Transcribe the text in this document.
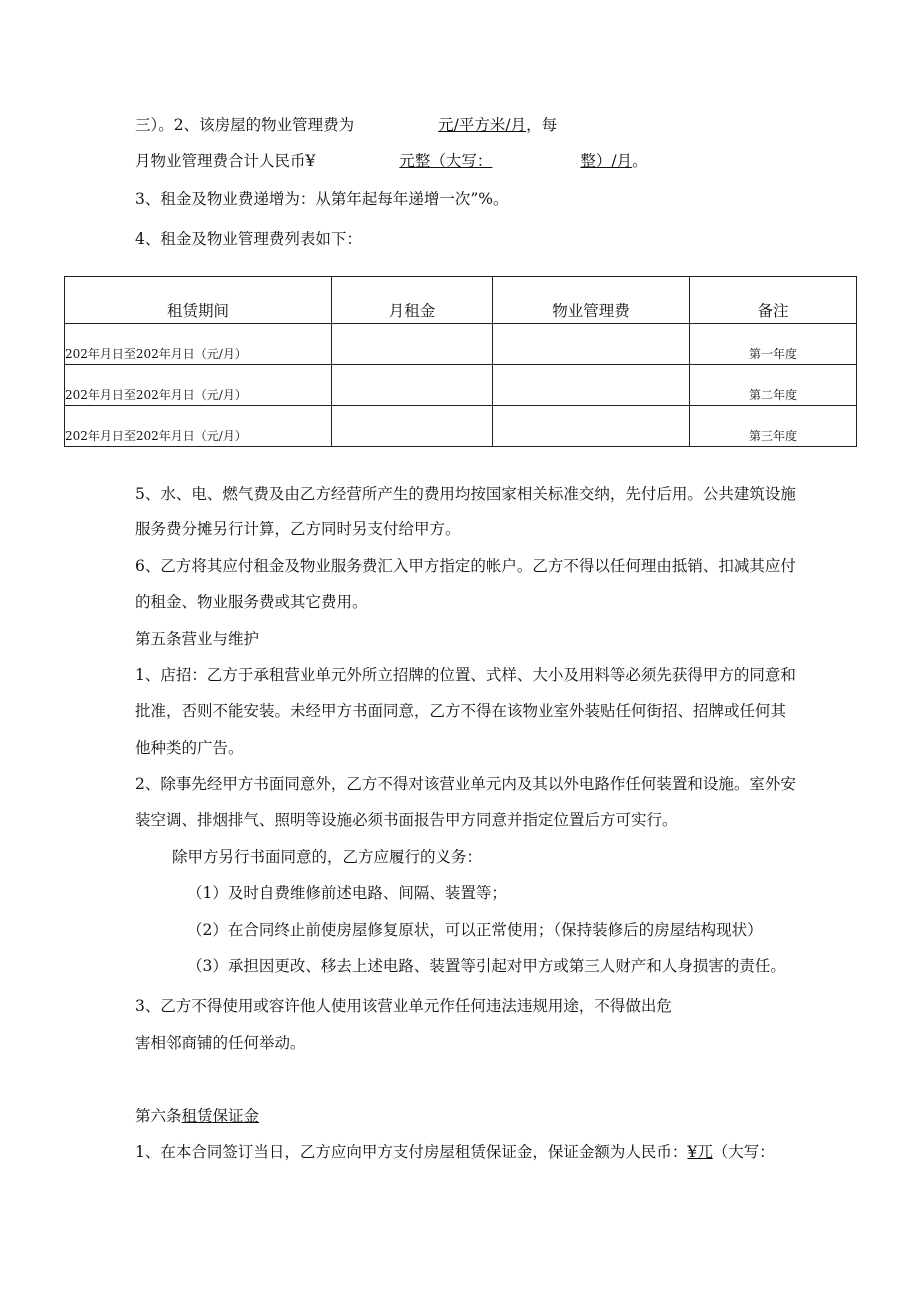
三）。2、该房屋的物业管理费为	元/平方米/月，每
月物业管理费合计人民币¥	元整（大写：	整）/月。
3、租金及物业费递增为：从第年起每年递增一次”%。
4、租金及物业管理费列表如下：
租赁期间	月租金	物业管理费	备注
202年月日至202年月日（元/月）			第一年度
202年月日至202年月日（元/月）			第二年度
202年月日至202年月日（元/月）			第三年度
5、水、电、燃气费及由乙方经营所产生的费用均按国家相关标准交纳，先付后用。公共建筑设施
服务费分摊另行计算，乙方同时另支付给甲方。
6、乙方将其应付租金及物业服务费汇入甲方指定的帐户。乙方不得以任何理由抵销、扣减其应付
的租金、物业服务费或其它费用。
第五条营业与维护
1、店招：乙方于承租营业单元外所立招牌的位置、式样、大小及用料等必须先获得甲方的同意和
批准，否则不能安装。未经甲方书面同意，乙方不得在该物业室外装贴任何街招、招牌或任何其
他种类的广告。
2、除事先经甲方书面同意外，乙方不得对该营业单元内及其以外电路作任何装置和设施。室外安
装空调、排烟排气、照明等设施必须书面报告甲方同意并指定位置后方可实行。
除甲方另行书面同意的，乙方应履行的义务：
（1）及时自费维修前述电路、间隔、装置等；
（2）在合同终止前使房屋修复原状，可以正常使用；（保持装修后的房屋结构现状）
（3）承担因更改、移去上述电路、装置等引起对甲方或第三人财产和人身损害的责任。
3、乙方不得使用或容许他人使用该营业单元作任何违法违规用途，不得做出危
害相邻商铺的任何举动。
第六条租赁保证金
1、在本合同签订当日，乙方应向甲方支付房屋租赁保证金，保证金额为人民币：¥兀（大写：
